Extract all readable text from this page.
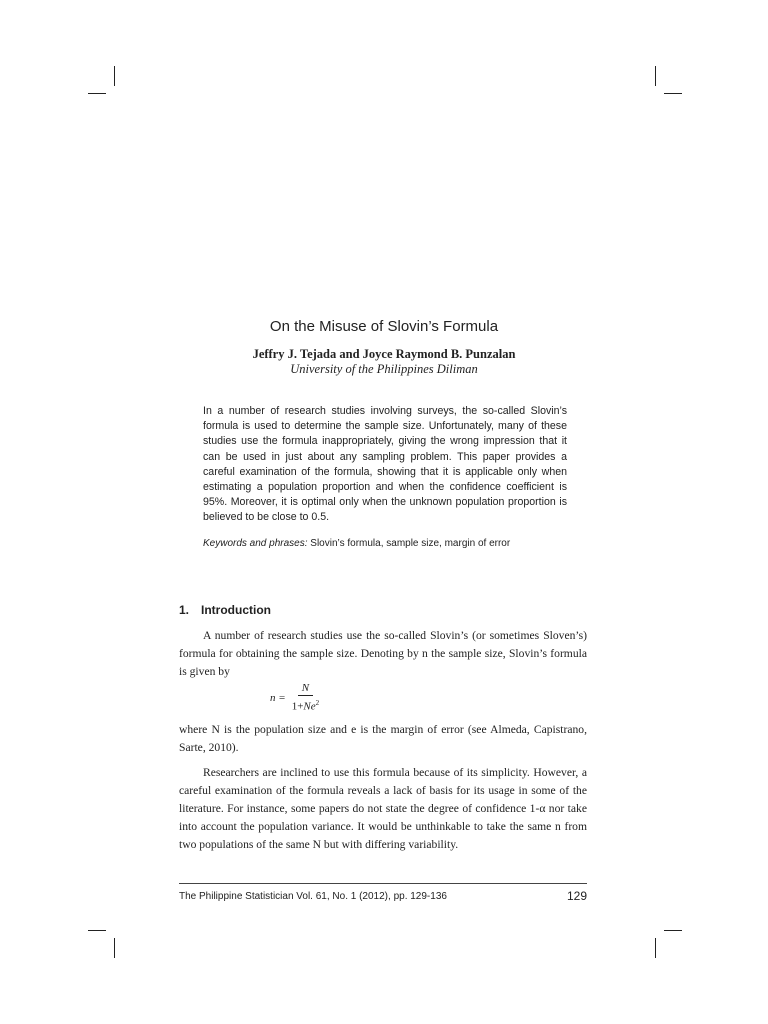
On the Misuse of Slovin’s Formula
Jeffry J. Tejada and Joyce Raymond B. Punzalan
University of the Philippines Diliman

In a number of research studies involving surveys, the so-called Slovin’s formula is used to determine the sample size. Unfortunately, many of these studies use the formula inappropriately, giving the wrong impression that it can be used in just about any sampling problem. This paper provides a careful examination of the formula, showing that it is applicable only when estimating a population proportion and when the confidence coefficient is 95%. Moreover, it is optimal only when the unknown population proportion is believed to be close to 0.5.

Keywords and phrases: Slovin’s formula, sample size, margin of error

1. Introduction

A number of research studies use the so-called Slovin’s (or sometimes Sloven’s) formula for obtaining the sample size. Denoting by n the sample size, Slovin’s formula is given by

$n = \frac{N}{1+Ne^2}$

where N is the population size and e is the margin of error (see Almeda, Capistrano, Sarte, 2010).

Researchers are inclined to use this formula because of its simplicity. However, a careful examination of the formula reveals a lack of basis for its usage in some of the literature. For instance, some papers do not state the degree of confidence 1-α nor take into account the population variance. It would be unthinkable to take the same n from two populations of the same N but with differing variability.

The Philippine Statistician Vol. 61, No. 1 (2012), pp. 129-136	129
